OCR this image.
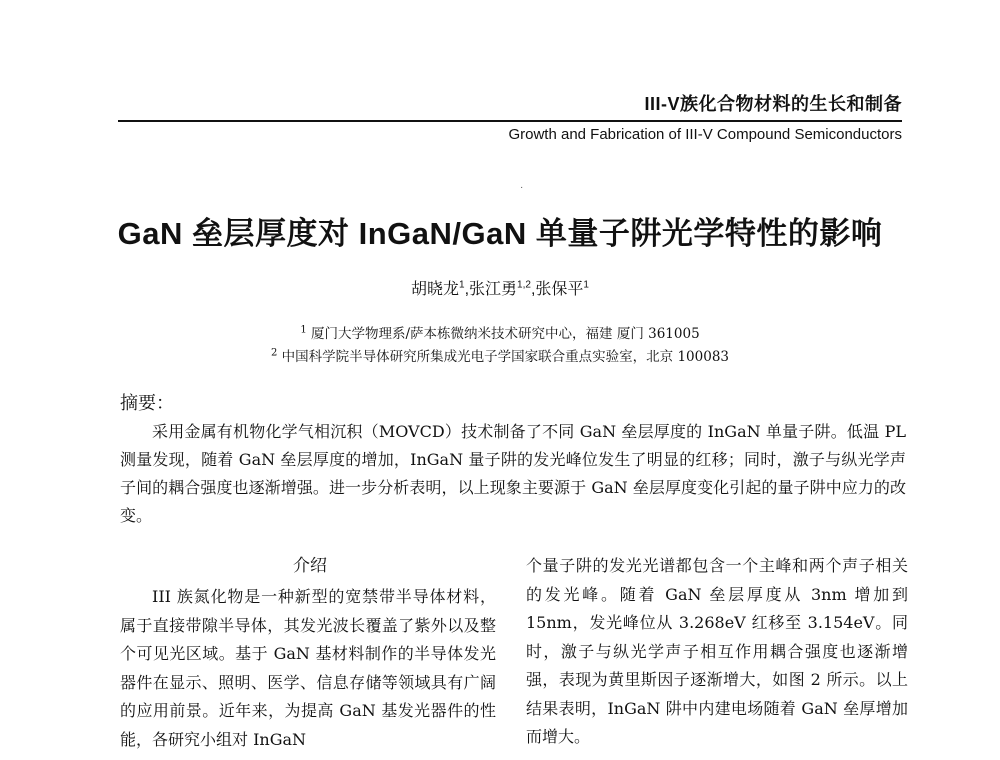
III-V族化合物材料的生长和制备
Growth and Fabrication of III-V Compound Semiconductors
·
GaN 垒层厚度对 InGaN/GaN 单量子阱光学特性的影响
胡晓龙$^1$,张江勇$^{1,2}$,张保平$^1$
$^1$ 厦门大学物理系/萨本栋微纳米技术研究中心，福建 厦门 361005
$^2$ 中国科学院半导体研究所集成光电子学国家联合重点实验室，北京 100083
摘要：

采用金属有机物化学气相沉积（MOVCD）技术制备了不同 GaN 垒层厚度的 InGaN 单量子阱。低温 PL 测量发现，随着 GaN 垒层厚度的增加，InGaN 量子阱的发光峰位发生了明显的红移；同时，激子与纵光学声子间的耦合强度也逐渐增强。进一步分析表明，以上现象主要源于 GaN 垒层厚度变化引起的量子阱中应力的改变。

介绍

III 族氮化物是一种新型的宽禁带半导体材料，属于直接带隙半导体，其发光波长覆盖了紫外以及整个可见光区域。基于 GaN 基材料制作的半导体发光器件在显示、照明、医学、信息存储等领域具有广阔的应用前景。近年来，为提高 GaN 基发光器件的性能，各研究小组对 InGaN

个量子阱的发光光谱都包含一个主峰和两个声子相关的发光峰。随着 GaN 垒层厚度从 3nm 增加到 15nm，发光峰位从 3.268eV 红移至 3.154eV。同时，激子与纵光学声子相互作用耦合强度也逐渐增强，表现为黄里斯因子逐渐增大，如图 2 所示。以上结果表明，InGaN 阱中内建电场随着 GaN 垒厚增加而增大。
